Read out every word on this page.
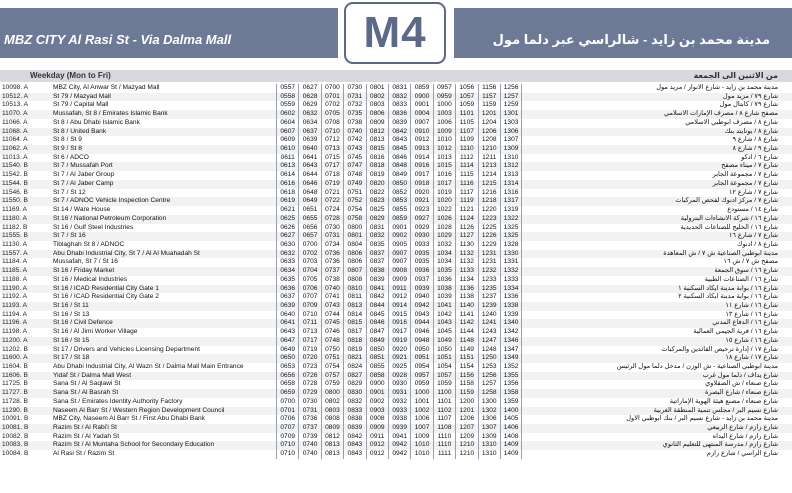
MBZ CITY Al Rasi St - Via Dalma Mall	M4	مدينة محمد بن زايد - شالراسي عبر دلما مول
Weekday (Mon to Fri)	من الاثنين الى الجمعة
10098. A	MBZ City, Al Anwar St / Mazyad Mall	0557	0627	0700	0730	0801	0831	0859	0957	1056	1156	1256	مدينة محمد بن زايد - شارع الأنوار / مزيد مول
10512. A	St 79 / Mazyad Mall	0558	0628	0701	0731	0802	0832	0900	0959	1057	1157	1257	شارع ٧٩ / مزيد مول
10513. A	St 79 / Capital Mall	0559	0629	0702	0732	0803	0833	0901	1000	1059	1159	1259	شارع ٧٩ / كابتال مول
11070. A	Mussafah, St 8 / Emirates Islamic Bank	0602	0632	0705	0735	0806	0836	0904	1003	1101	1201	1301	مصفح شارع ٨ / مصرف الإمارات الاسلامي
11066. A	St 8 / Abu Dhabi Islamic Bank	0604	0634	0708	0738	0809	0839	0907	1006	1105	1204	1303	شارع ٨ / مصرف أبوظبي الاسلامي
11068. A	St 8 / United Bank	0607	0637	0710	0740	0812	0842	0910	1009	1107	1206	1306	شارع ٨ / يونايتد بنك
11064. A	St 8 / St 9	0609	0639	0712	0742	0813	0843	0912	1010	1109	1208	1307	شارع ٨ / شارع ٩
11062. A	St 9 / St 8	0610	0640	0713	0743	0815	0845	0913	1012	1110	1210	1309	شارع ٩ / شارع ٨
11013. A	St 6 / ADCO	0611	0641	0715	0745	0816	0846	0914	1013	1112	1211	1310	شارع ٦ / أدكو
11540. B	St 7 / Mussafah Port	0613	0643	0717	0747	0818	0848	0916	1015	1114	1213	1312	شارع ٧ / ميناء مصفح
11542. B	St 7 / Al Jaber Group	0614	0644	0718	0748	0819	0849	0917	1016	1115	1214	1313	شارع ٧ / مجموعة الجابر
11544. B	St 7 / Al Jaber Camp	0616	0646	0719	0749	0820	0850	0918	1017	1116	1215	1314	شارع ٧ / مجموعة الجابر
11546. B	St 7 / St 12	0618	0648	0721	0751	0822	0852	0920	1019	1117	1216	1316	شارع ٧ / شارع ١٢
11550. B	St 7 / ADNOC Vehicle Inspection Centre	0619	0649	0722	0752	0823	0853	0921	1020	1119	1218	1317	شارع ٧ / مركز أدنوك لفحص المركبات
11169. A	St 14 / Ware House	0621	0651	0724	0754	0825	0855	0923	1022	1121	1220	1319	شارع ١٤ / مستودع
11180. A	St 16 / National Petroleum Corporation	0625	0655	0728	0758	0829	0859	0927	1026	1124	1223	1322	شارع ١٦ / شركة الانشاءات البترولية
11182. B	St 16 / Gulf Steel Industries	0626	0656	0730	0800	0831	0901	0929	1028	1126	1225	1325	شارع ١٦ / الخليج للصناعات الحديدية
11555. B	St 7 / St 16	0627	0657	0731	0801	0832	0902	0930	1029	1127	1226	1325	شارع ٧ / شارع ١٦
11130. A	Tiblaghah St 8 / ADNOC	0630	0700	0734	0804	0835	0905	0933	1032	1130	1229	1328	شارع ٨ / أدنوك
11557. A	Abu Dhabi Industrial City, St 7 / Al Al Muahadah St	0632	0702	0736	0806	0837	0907	0935	1034	1132	1231	1330	مدينة أبوظبي الصناعية ش ٧ / ش المعاهدة
11184. A	Mussafah, St 7 / St 16	0633	0703	0736	0806	0837	0907	0935	1034	1132	1231	1331	مصفح ش ٧ / ش ١٦
11185. A	St 16 / Friday Market	0634	0704	0737	0807	0838	0908	0936	1035	1133	1232	1332	شارع ١٦ / سوق الجمعة
11188. A	St 16 / Medical Industries	0635	0705	0738	0808	0839	0909	0937	1036	1134	1233	1333	شارع ١٦ / الصناعات الطبية
11190. A	St 16 / ICAD Residential City Gate 1	0636	0706	0740	0810	0841	0911	0939	1038	1136	1235	1334	شارع ١٦ / بوابة مدينة ايكاد السكنية ١
11192. A	St 16 / ICAD Residential City Gate 2	0637	0707	0741	0811	0842	0912	0940	1039	1138	1237	1336	شارع ١٦ / بوابة مدينة ايكاد السكنية ٢
11193. A	St 16 / St 11	0639	0709	0743	0813	0844	0914	0942	1041	1140	1239	1338	شارع ١٦ / شارع ١١
11194. A	St 16 / St 13	0640	0710	0744	0814	0845	0915	0943	1042	1141	1240	1339	شارع ١٦ / شارع ١٣
11196. A	St 16 / Civil Defence	0641	0711	0745	0815	0846	0916	0944	1043	1142	1241	1340	شارع ١٦ / الدفاع المدني
11198. A	St 16 / Al Jimi Worker Village	0643	0713	0746	0817	0847	0917	0946	1045	1144	1243	1342	شارع ١٦ / قرية الجيمي العمالية
11200. A	St 16 / St 15	0647	0717	0748	0818	0849	0919	0948	1049	1148	1247	1346	شارع ١٦ / شارع ١٥
11202. B	St 17 / Drivers and Vehicles Licensing Department	0649	0719	0750	0819	0850	0920	0950	1050	1149	1248	1347	شارع ١٧ / إدارة ترخيص القائدين والمركبات
11600. A	St 17 / St 18	0650	0720	0751	0821	0851	0921	0951	1051	1151	1250	1349	شارع ١٧ / شارع ١٨
11604. B	Abu Dhabi Industrial City, Al Wazn St / Dalma Mall Main Entrance	0653	0723	0754	0824	0855	0925	0954	1054	1154	1253	1352	مدينة أبوظبي الصناعية - ش الوزن / مدخل دلما مول الرئيس
11606. B	Yidaf St / Dalma Mall West	0656	0726	0757	0827	0858	0928	0957	1057	1156	1256	1355	شارع يداف / دلما مول غرب
11725. B	Sana St / Al Saqlawi St	0658	0728	0759	0829	0900	0930	0959	1059	1158	1257	1356	شارع صنعاء / ش الصقلاوي
11727. B	Sana St / Al Basrah St	0659	0729	0800	0830	0901	0931	1000	1100	1159	1258	1358	شارع صنعاء / شارع البصرة
11728. B	Sana St / Emirates Identity Authority Factory	0700	0730	0802	0832	0902	0932	1001	1101	1200	1300	1359	شارع صنعاء / مصنع هيئة الهوية الإماراتية
11290. B	Naseem Al Barr St / Western Region Development Council	0701	0731	0803	0833	0903	0933	1002	1102	1201	1302	1400	شارع نسيم البر / مجلس تنمية المنطقة الغربية
10091. B	MBZ City, Naseem Al Barr St / First Abu Dhabi Bank	0706	0736	0808	0838	0908	0938	1006	1107	1206	1306	1405	مدينة محمد بن زايد - شارع نسيم البر / بنك أبوظبي الأول
10081. B	Razim St / Al Rabi'i St	0707	0737	0809	0839	0909	0939	1007	1108	1207	1307	1406	شارع رازم / شارع الربيعي
10082. B	Razim St / Al Yadah St	0709	0739	0812	0842	0911	0941	1009	1110	1209	1309	1408	شارع رازم / شارع اليداه
10083. B	Razim St / Al Muntaha School for Secondary Education	0710	0740	0813	0843	0912	0942	1010	1110	1210	1310	1409	شارع رازم / مدرسة المنتهى للتعليم الثانوي
10084. B	Al Rasi St / Razim St	0710	0740	0813	0843	0912	0942	1010	1111	1210	1310	1409	شارع الراسي / شارع رازم
